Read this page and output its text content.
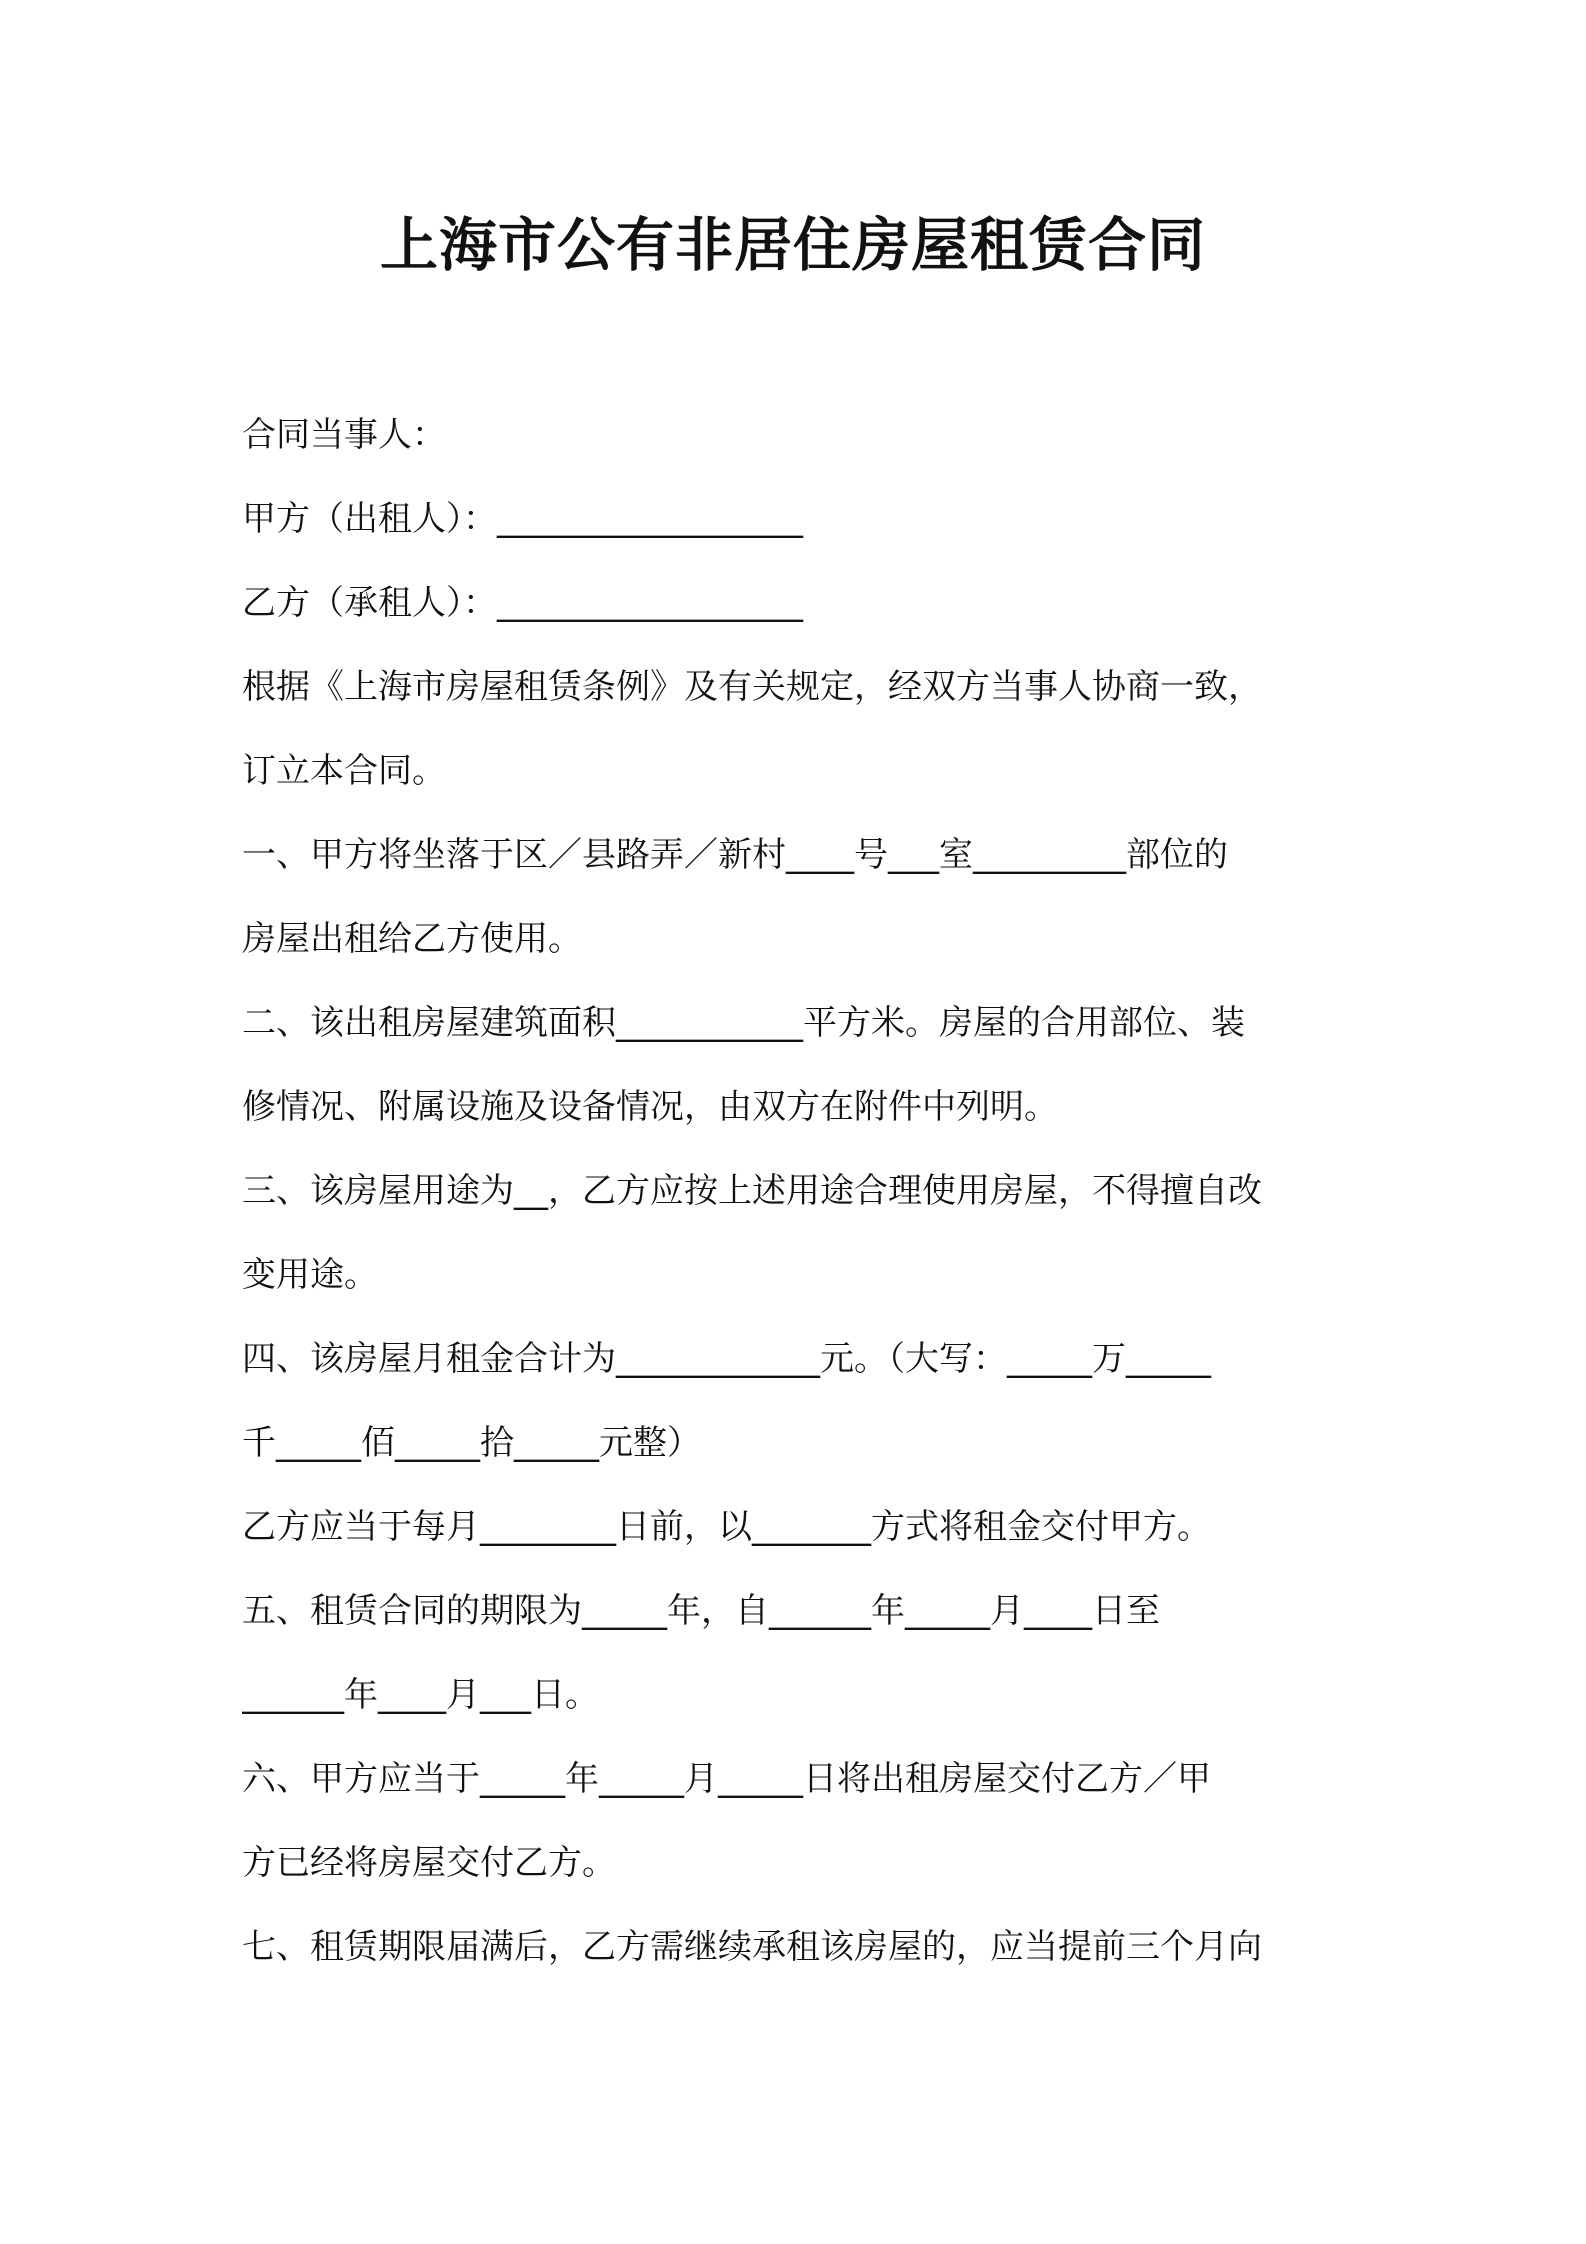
上海市公有非居住房屋租赁合同
合同当事人：
甲方（出租人）：__________________
乙方（承租人）：__________________
根据《上海市房屋租赁条例》及有关规定，经双方当事人协商一致，
订立本合同。
一、甲方将坐落于区／县路弄／新村____号___室_________部位的
房屋出租给乙方使用。
二、该出租房屋建筑面积___________平方米。房屋的合用部位、装
修情况、附属设施及设备情况，由双方在附件中列明。
三、该房屋用途为__，乙方应按上述用途合理使用房屋，不得擅自改
变用途。
四、该房屋月租金合计为____________元。（大写：_____万_____
千_____佰_____拾_____元整）
乙方应当于每月________日前，以_______方式将租金交付甲方。
五、租赁合同的期限为_____年，自______年_____月____日至
______年____月___日。
六、甲方应当于_____年_____月_____日将出租房屋交付乙方／甲
方已经将房屋交付乙方。
七、租赁期限届满后，乙方需继续承租该房屋的，应当提前三个月向
